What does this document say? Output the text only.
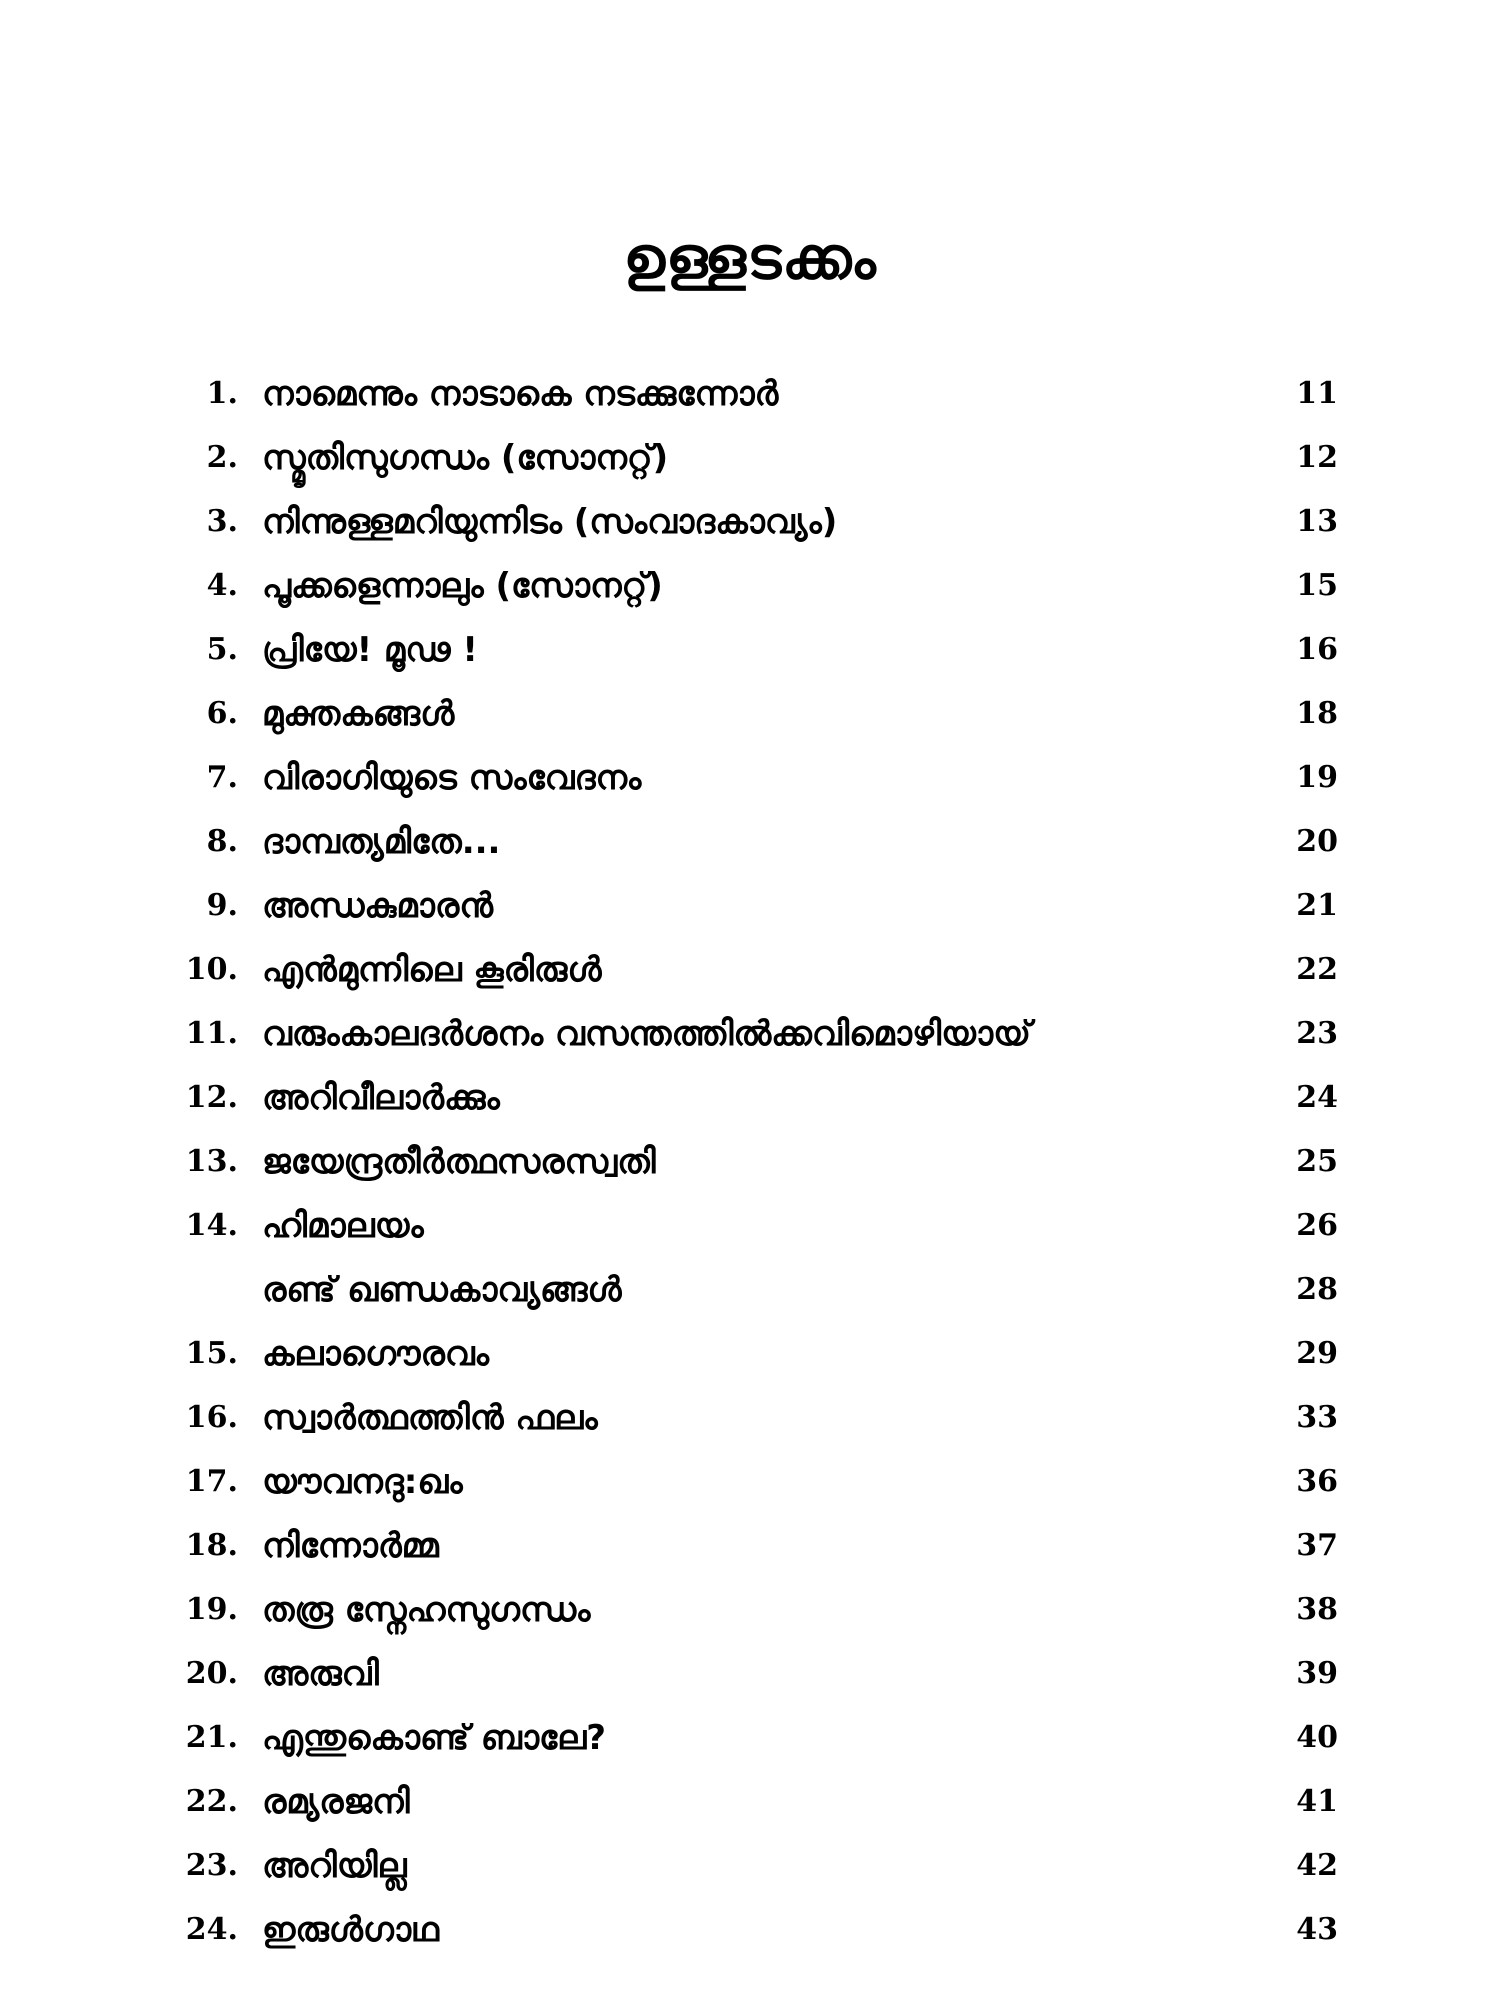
ഉള്ളടക്കം
1. നാമെന്നും നാടാകെ നടക്കുന്നോർ	11
2. സ്മൃതിസുഗന്ധം (സോനറ്റ്)	12
3. നിന്നുള്ളമറിയുന്നിടം (സംവാദകാവ്യം)	13
4. പൂക്കളെന്നാലും (സോനറ്റ്)	15
5. പ്രിയേ! മൂഢ !	16
6. മുക്തകങ്ങൾ	18
7. വിരാഗിയുടെ സംവേദനം	19
8. ദാമ്പത്യമിതേ...	20
9. അന്ധകുമാരൻ	21
10. എൻമുന്നിലെ കൂരിരുൾ	22
11. വരുംകാലദർശനം വസന്തത്തിൽക്കവിമൊഴിയായ്	23
12. അറിവീലാർക്കും	24
13. ജയേന്ദ്രതീർത്ഥസരസ്വതി	25
14. ഹിമാലയം	26
രണ്ട് ഖണ്ഡകാവ്യങ്ങൾ	28
15. കലാഗൌരവം	29
16. സ്വാർത്ഥത്തിൻ ഫലം	33
17. യൗവനദു:ഖം	36
18. നിന്നോർമ്മ	37
19. തരൂ സ്നേഹസുഗന്ധം	38
20. അരുവി	39
21. എന്തുകൊണ്ട് ബാലേ?	40
22. രമ്യരജനി	41
23. അറിയില്ല	42
24. ഇരുൾഗാഥ	43
